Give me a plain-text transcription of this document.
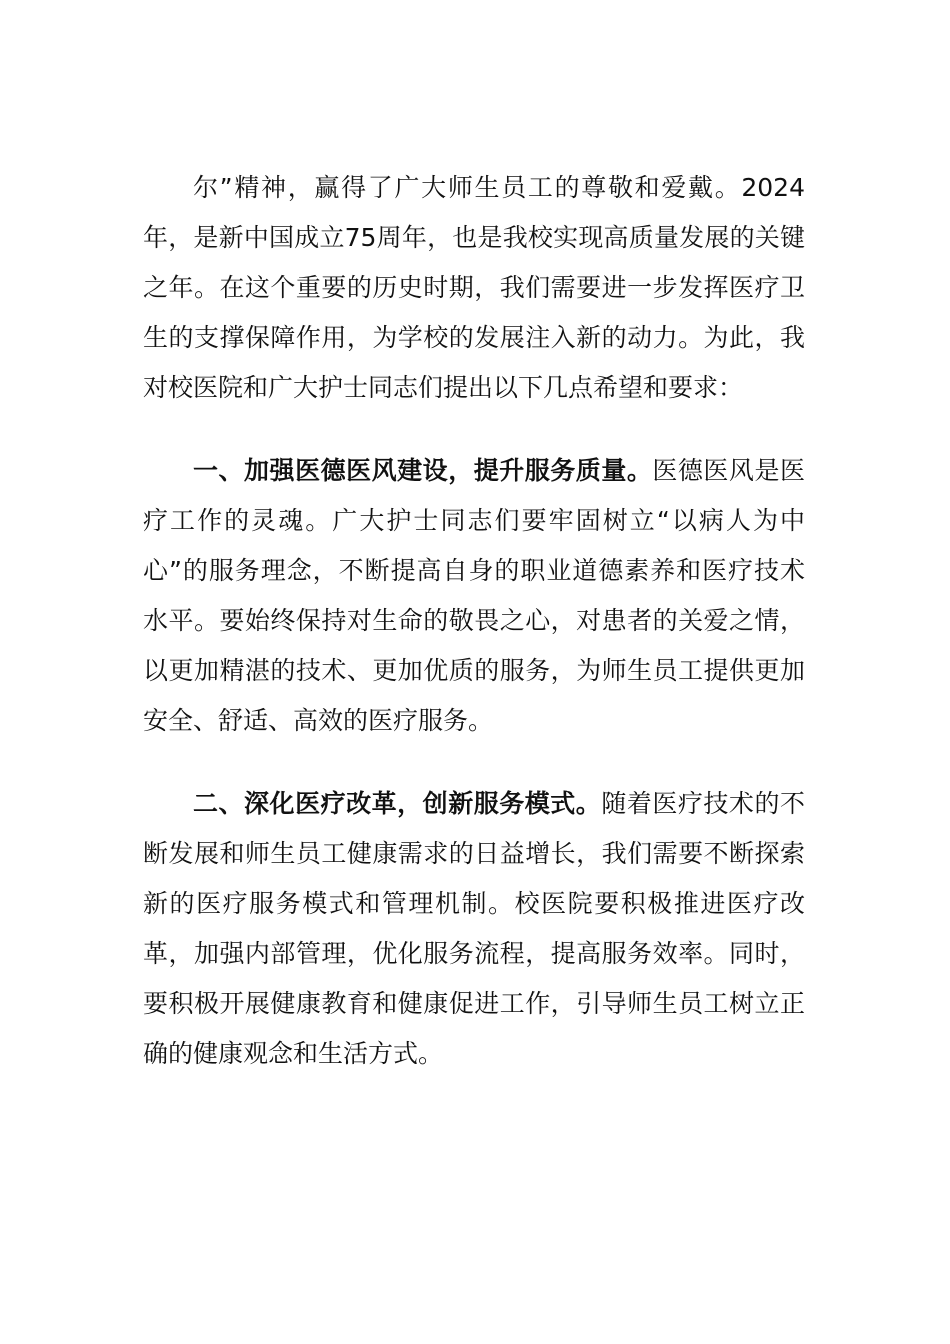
尔”精神，赢得了广大师生员工的尊敬和爱戴。2024年，是新中国成立75周年，也是我校实现高质量发展的关键之年。在这个重要的历史时期，我们需要进一步发挥医疗卫生的支撑保障作用，为学校的发展注入新的动力。为此，我对校医院和广大护士同志们提出以下几点希望和要求：

一、加强医德医风建设，提升服务质量。医德医风是医疗工作的灵魂。广大护士同志们要牢固树立“以病人为中心”的服务理念，不断提高自身的职业道德素养和医疗技术水平。要始终保持对生命的敬畏之心，对患者的关爱之情，以更加精湛的技术、更加优质的服务，为师生员工提供更加安全、舒适、高效的医疗服务。

二、深化医疗改革，创新服务模式。随着医疗技术的不断发展和师生员工健康需求的日益增长，我们需要不断探索新的医疗服务模式和管理机制。校医院要积极推进医疗改革，加强内部管理，优化服务流程，提高服务效率。同时，要积极开展健康教育和健康促进工作，引导师生员工树立正确的健康观念和生活方式。
